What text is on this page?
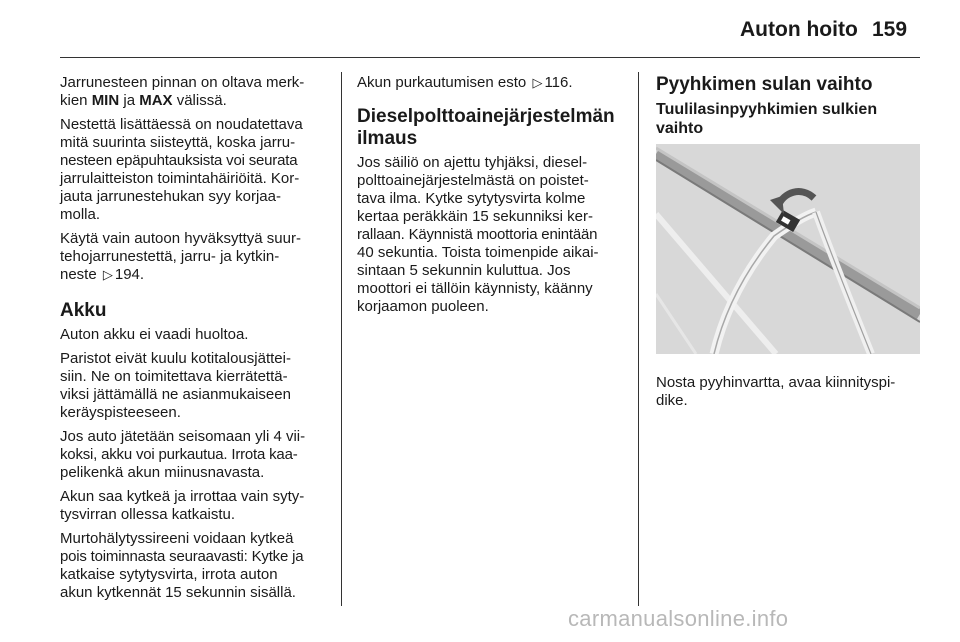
Auton hoito 159

Jarrunesteen pinnan on oltava merk-
kien MIN ja MAX välissä.

Nestettä lisättäessä on noudatettava
mitä suurinta siisteyttä, koska jarru-
nesteen epäpuhtauksista voi seurata
jarrulaitteiston toimintahäiriöitä. Kor-
jauta jarrunestehukan syy korjaa-
molla.

Käytä vain autoon hyväksyttyä suur-
tehojarrunestettä, jarru- ja kytkin-
neste ▷ 194.

Akku

Auton akku ei vaadi huoltoa.

Paristot eivät kuulu kotitalousjättei-
siin. Ne on toimitettava kierrätettä-
viksi jättämällä ne asianmukaiseen
keräyspisteeseen.

Jos auto jätetään seisomaan yli 4 vii-
koksi, akku voi purkautua. Irrota kaa-
pelikenkä akun miinusnavasta.

Akun saa kytkeä ja irrottaa vain syty-
tysvirran ollessa katkaistu.

Murtohälytyssireeni voidaan kytkeä
pois toiminnasta seuraavasti: Kytke ja
katkaise sytytysvirta, irrota auton
akun kytkennät 15 sekunnin sisällä.

Akun purkautumisen esto ▷ 116.

Dieselpolttoainejärjestelmän
ilmaus

Jos säiliö on ajettu tyhjäksi, diesel-
polttoainejärjestelmästä on poistet-
tava ilma. Kytke sytytysvirta kolme
kertaa peräkkäin 15 sekunniksi ker-
rallaan. Käynnistä moottoria enintään
40 sekuntia. Toista toimenpide aikai-
sintaan 5 sekunnin kuluttua. Jos
moottori ei tällöin käynnisty, käänny
korjaamon puoleen.

Pyyhkimen sulan vaihto
Tuulilasinpyyhkimien sulkien
vaihto

Nosta pyyhinvartta, avaa kiinnityspi-
dike.

carmanualsonline.info
